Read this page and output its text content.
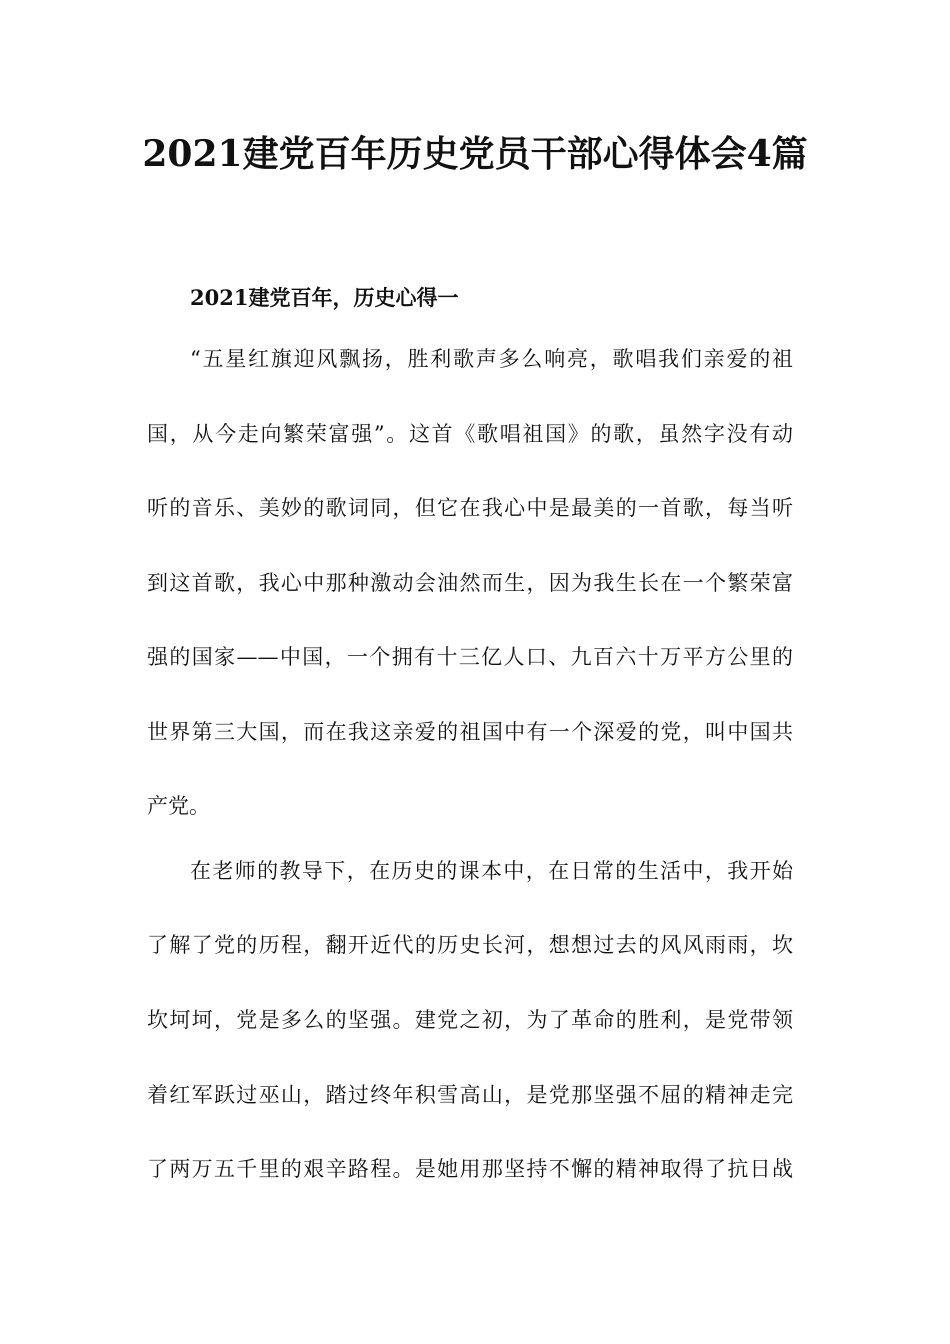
2021建党百年历史党员干部心得体会4篇
2021建党百年，历史心得一
“五星红旗迎风飘扬，胜利歌声多么响亮，歌唱我们亲爱的祖
国，从今走向繁荣富强”。这首《歌唱祖国》的歌，虽然字没有动
听的音乐、美妙的歌词同，但它在我心中是最美的一首歌，每当听
到这首歌，我心中那种激动会油然而生，因为我生长在一个繁荣富
强的国家——中国，一个拥有十三亿人口、九百六十万平方公里的
世界第三大国，而在我这亲爱的祖国中有一个深爱的党，叫中国共
产党。
在老师的教导下，在历史的课本中，在日常的生活中，我开始
了解了党的历程，翻开近代的历史长河，想想过去的风风雨雨，坎
坎坷坷，党是多么的坚强。建党之初，为了革命的胜利，是党带领
着红军跃过巫山，踏过终年积雪高山，是党那坚强不屈的精神走完
了两万五千里的艰辛路程。是她用那坚持不懈的精神取得了抗日战
